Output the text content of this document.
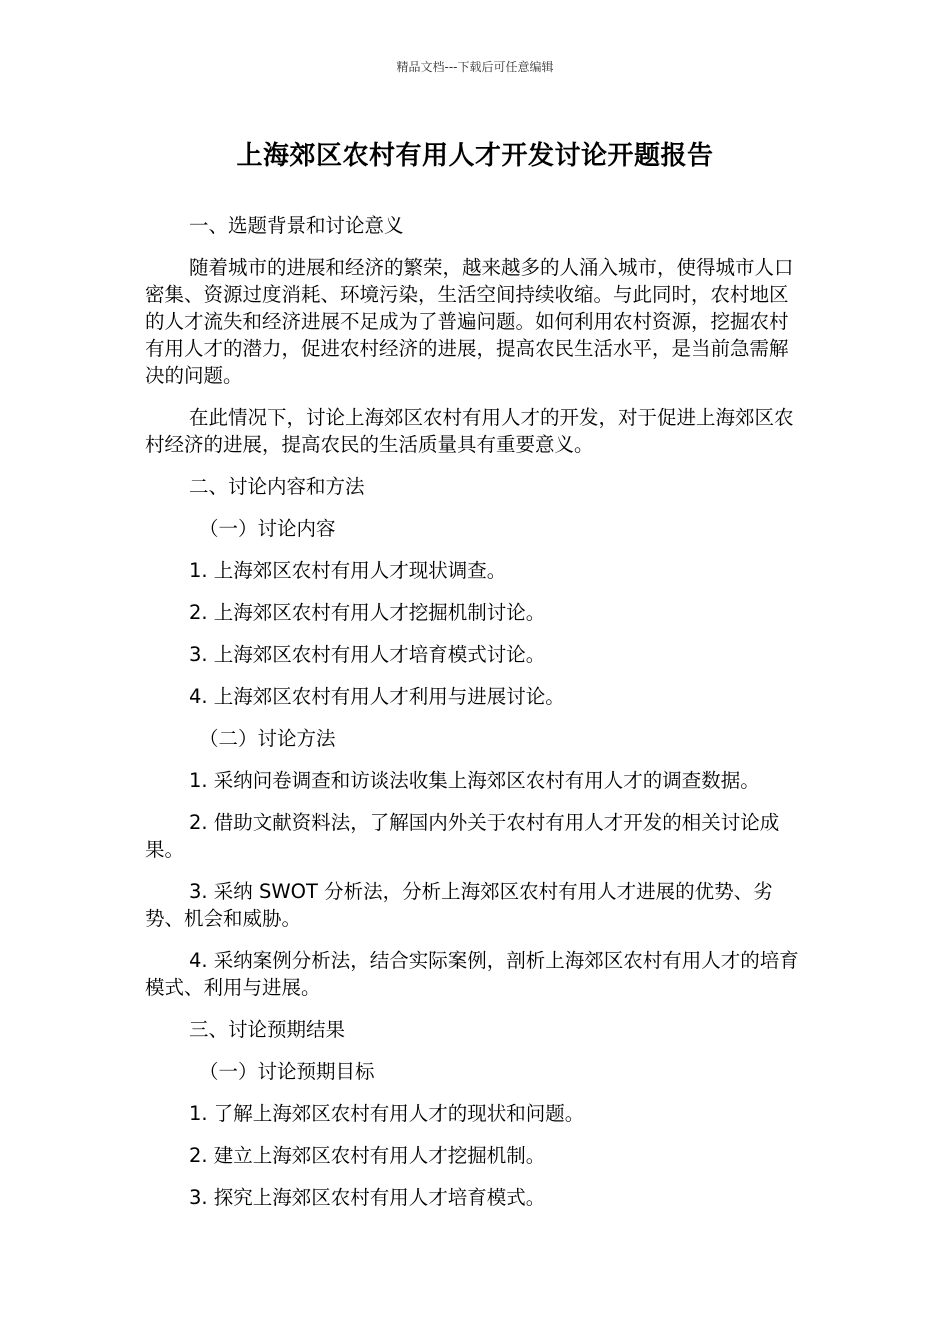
精品文档---下载后可任意编辑
上海郊区农村有用人才开发讨论开题报告

一、选题背景和讨论意义

随着城市的进展和经济的繁荣，越来越多的人涌入城市，使得城市人口密集、资源过度消耗、环境污染，生活空间持续收缩。与此同时，农村地区的人才流失和经济进展不足成为了普遍问题。如何利用农村资源，挖掘农村有用人才的潜力，促进农村经济的进展，提高农民生活水平，是当前急需解决的问题。

在此情况下，讨论上海郊区农村有用人才的开发，对于促进上海郊区农村经济的进展，提高农民的生活质量具有重要意义。

二、讨论内容和方法

（一）讨论内容

1. 上海郊区农村有用人才现状调查。

2. 上海郊区农村有用人才挖掘机制讨论。

3. 上海郊区农村有用人才培育模式讨论。

4. 上海郊区农村有用人才利用与进展讨论。

（二）讨论方法

1. 采纳问卷调查和访谈法收集上海郊区农村有用人才的调查数据。

2. 借助文献资料法，了解国内外关于农村有用人才开发的相关讨论成果。

3. 采纳 SWOT 分析法，分析上海郊区农村有用人才进展的优势、劣势、机会和威胁。

4. 采纳案例分析法，结合实际案例，剖析上海郊区农村有用人才的培育模式、利用与进展。

三、讨论预期结果

（一）讨论预期目标

1. 了解上海郊区农村有用人才的现状和问题。

2. 建立上海郊区农村有用人才挖掘机制。

3. 探究上海郊区农村有用人才培育模式。
